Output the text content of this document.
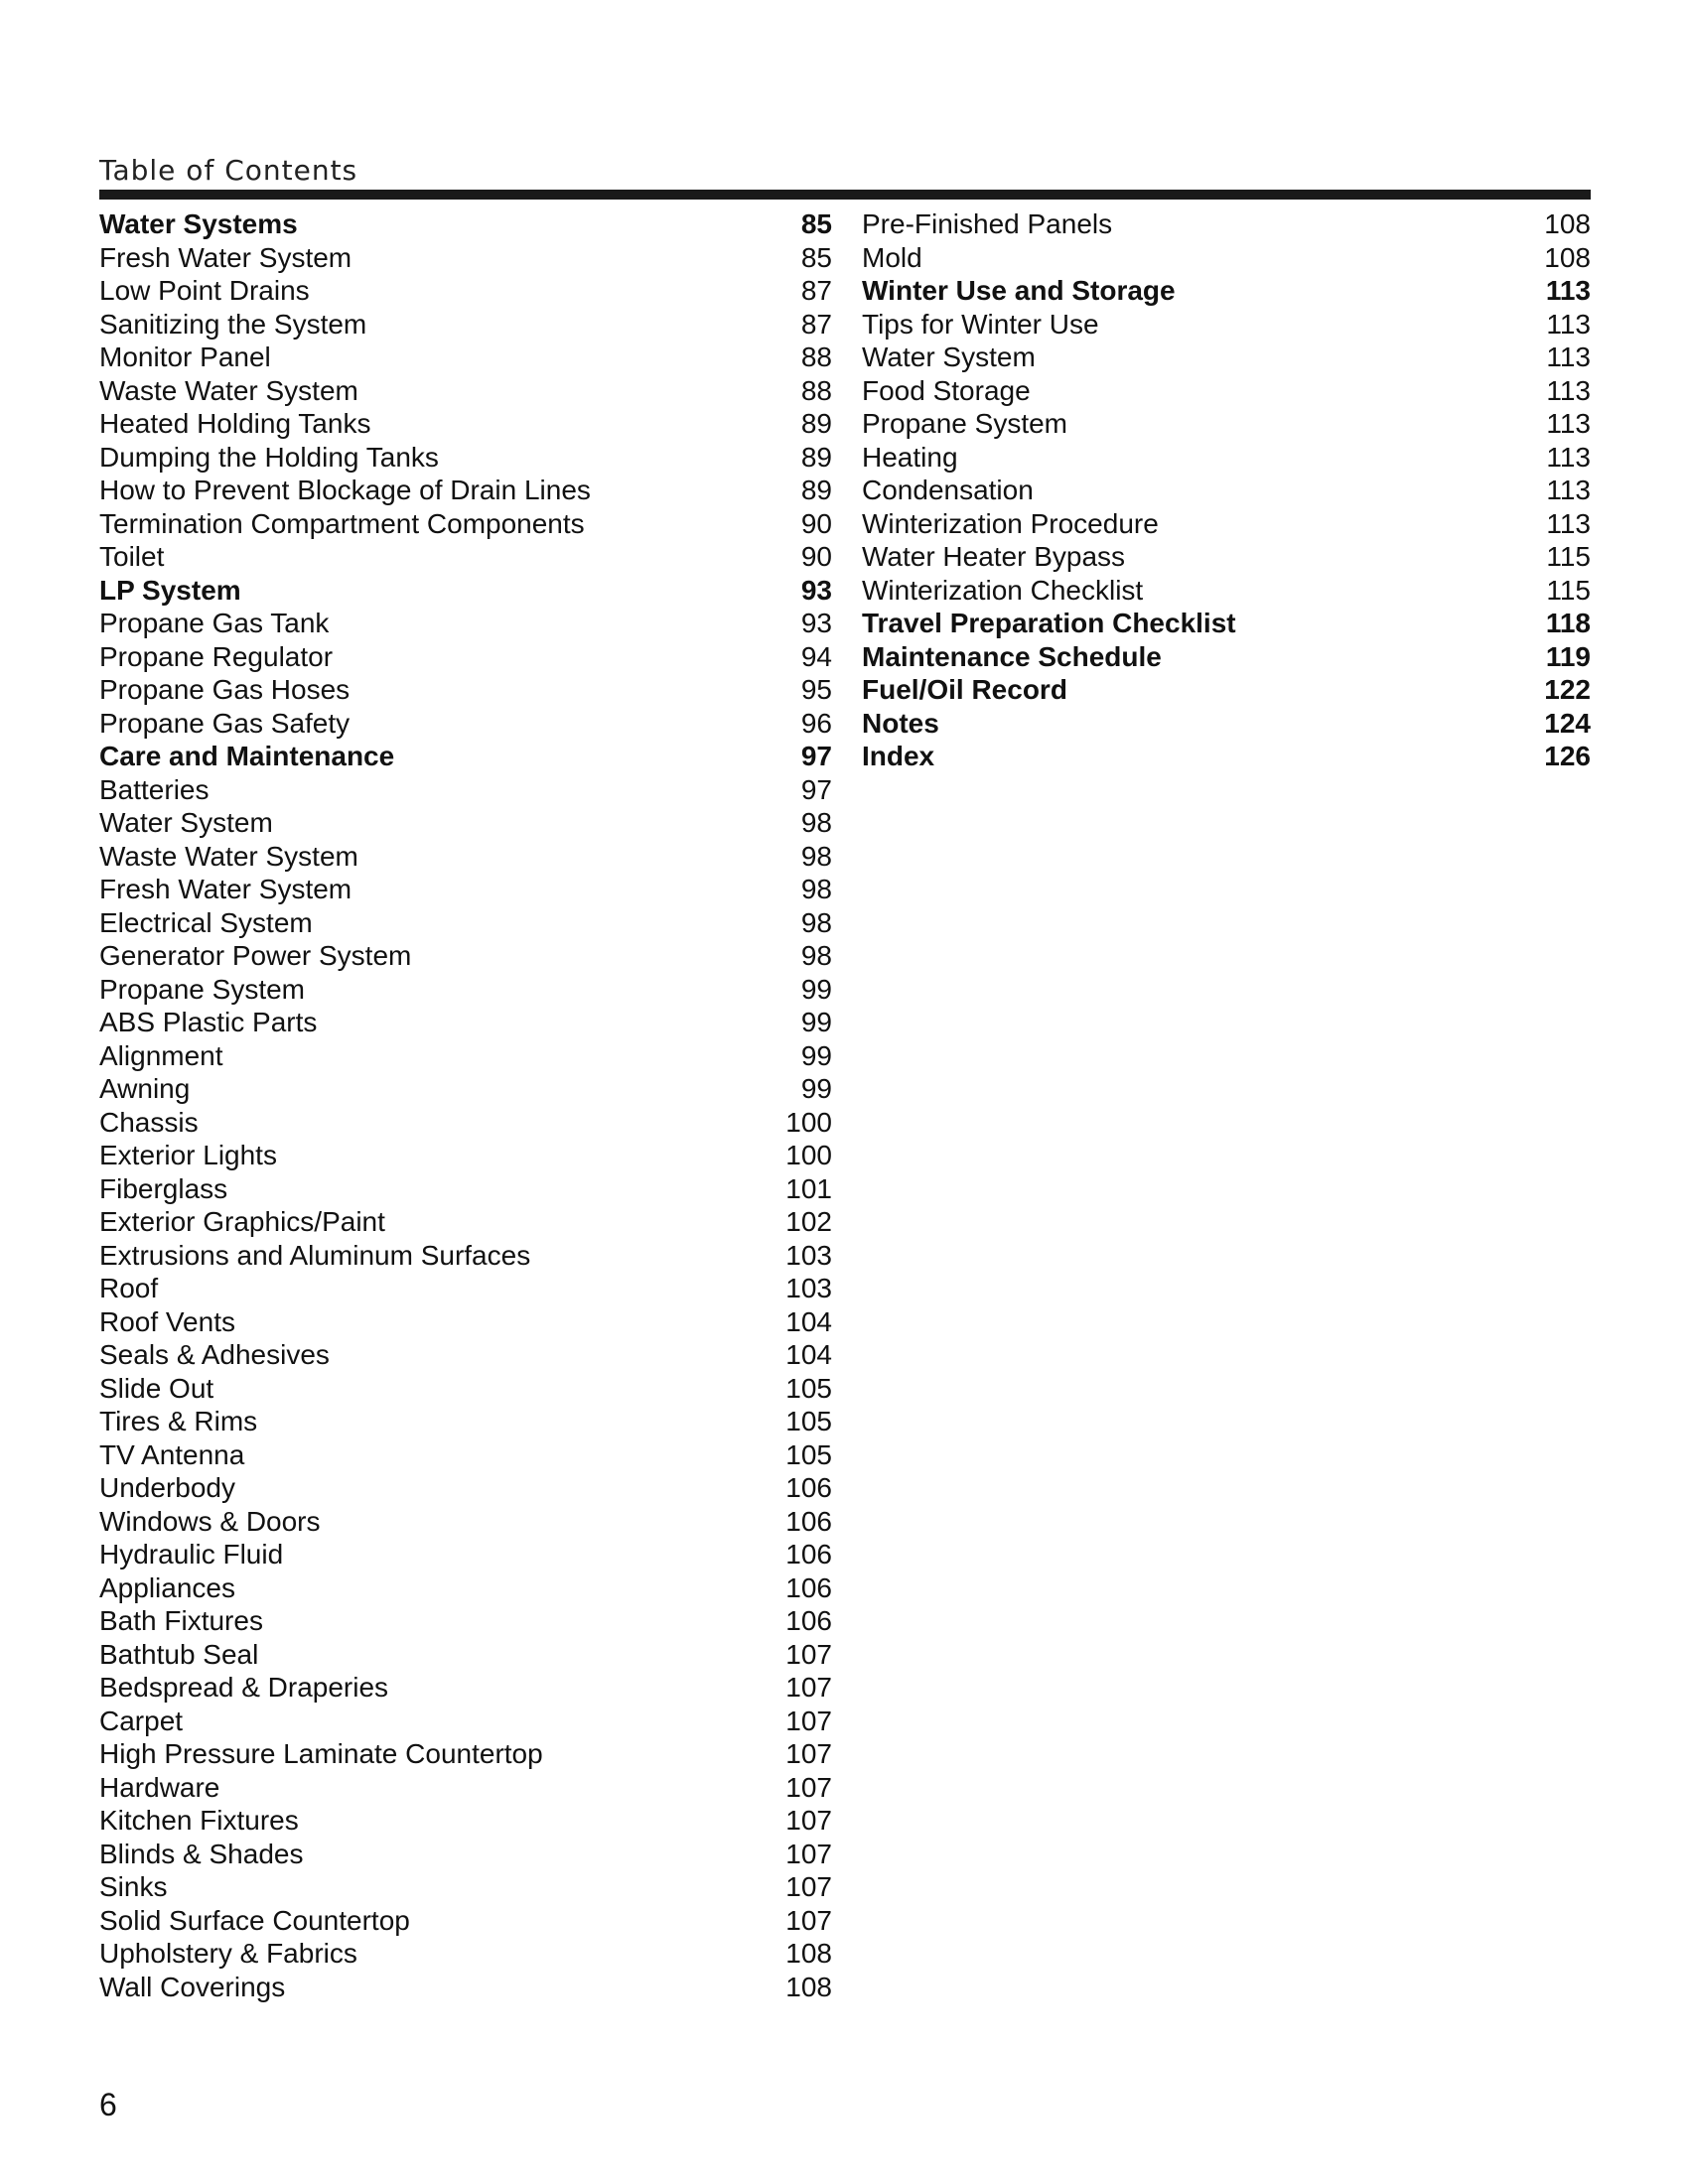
Table of Contents
Water Systems	85
Fresh Water System	85
Low Point Drains	87
Sanitizing the System	87
Monitor Panel	88
Waste Water System	88
Heated Holding Tanks	89
Dumping the Holding Tanks	89
How to Prevent Blockage of Drain Lines	89
Termination Compartment Components	90
Toilet	90
LP System	93
Propane Gas Tank	93
Propane Regulator	94
Propane Gas Hoses	95
Propane Gas Safety	96
Care and Maintenance	97
Batteries	97
Water System	98
Waste Water System	98
Fresh Water System	98
Electrical System	98
Generator Power System	98
Propane System	99
ABS Plastic Parts	99
Alignment	99
Awning	99
Chassis	100
Exterior Lights	100
Fiberglass	101
Exterior Graphics/Paint	102
Extrusions and Aluminum Surfaces	103
Roof	103
Roof Vents	104
Seals & Adhesives	104
Slide Out	105
Tires & Rims	105
TV Antenna	105
Underbody	106
Windows & Doors	106
Hydraulic Fluid	106
Appliances	106
Bath Fixtures	106
Bathtub Seal	107
Bedspread & Draperies	107
Carpet	107
High Pressure Laminate Countertop	107
Hardware	107
Kitchen Fixtures	107
Blinds & Shades	107
Sinks	107
Solid Surface Countertop	107
Upholstery & Fabrics	108
Wall Coverings	108
Pre-Finished Panels	108
Mold	108
Winter Use and Storage	113
Tips for Winter Use	113
Water System	113
Food Storage	113
Propane System	113
Heating	113
Condensation	113
Winterization Procedure	113
Water Heater Bypass	115
Winterization Checklist	115
Travel Preparation Checklist	118
Maintenance Schedule	119
Fuel/Oil Record	122
Notes	124
Index	126
6
